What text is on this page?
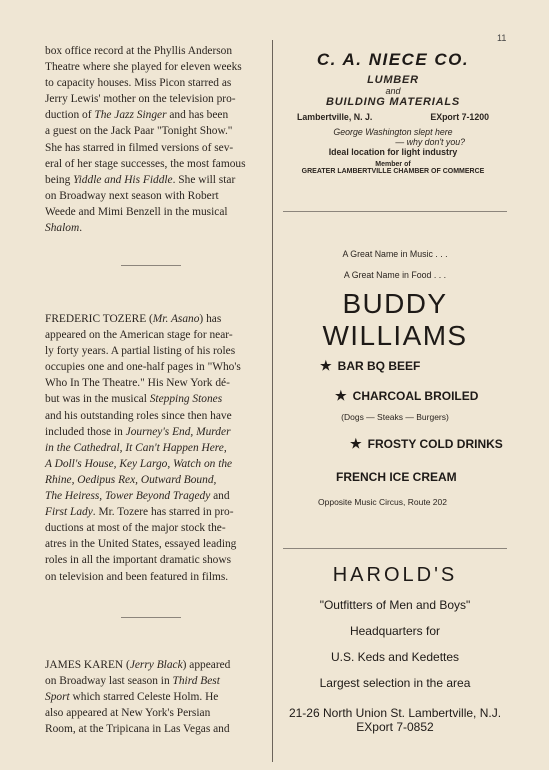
11
box office record at the Phyllis Anderson
Theatre where she played for eleven weeks
to capacity houses. Miss Picon starred as
Jerry Lewis' mother on the television pro-
duction of The Jazz Singer and has been
a guest on the Jack Paar "Tonight Show."
She has starred in filmed versions of sev-
eral of her stage successes, the most famous
being Yiddle and His Fiddle. She will star
on Broadway next season with Robert
Weede and Mimi Benzell in the musical
Shalom.
FREDERIC TOZERE (Mr. Asano) has
appeared on the American stage for near-
ly forty years. A partial listing of his roles
occupies one and one-half pages in "Who's
Who In The Theatre." His New York dé-
but was in the musical Stepping Stones
and his outstanding roles since then have
included those in Journey's End, Murder
in the Cathedral, It Can't Happen Here,
A Doll's House, Key Largo, Watch on the
Rhine, Oedipus Rex, Outward Bound,
The Heiress, Tower Beyond Tragedy and
First Lady. Mr. Tozere has starred in pro-
ductions at most of the major stock the-
atres in the United States, essayed leading
roles in all the important dramatic shows
on television and been featured in films.
JAMES KAREN (Jerry Black) appeared
on Broadway last season in Third Best
Sport which starred Celeste Holm. He
also appeared at New York's Persian
Room, at the Tripicana in Las Vegas and
C. A. NIECE CO.
LUMBER
and
BUILDING MATERIALS
Lambertville, N. J.	EXport 7-1200
George Washington slept here
— why don't you?
Ideal location for light industry
Member of
GREATER LAMBERTVILLE CHAMBER OF COMMERCE
A Great Name in Music . . .
A Great Name in Food . . .
BUDDY WILLIAMS
★ BAR BQ BEEF
★ CHARCOAL BROILED
(Dogs — Steaks — Burgers)
★ FROSTY COLD DRINKS
FRENCH ICE CREAM
Opposite Music Circus, Route 202
HAROLD'S
"Outfitters of Men and Boys"
Headquarters for
U.S. Keds and Kedettes
Largest selection in the area
21-26 North Union St. Lambertville, N.J.
EXport 7-0852
